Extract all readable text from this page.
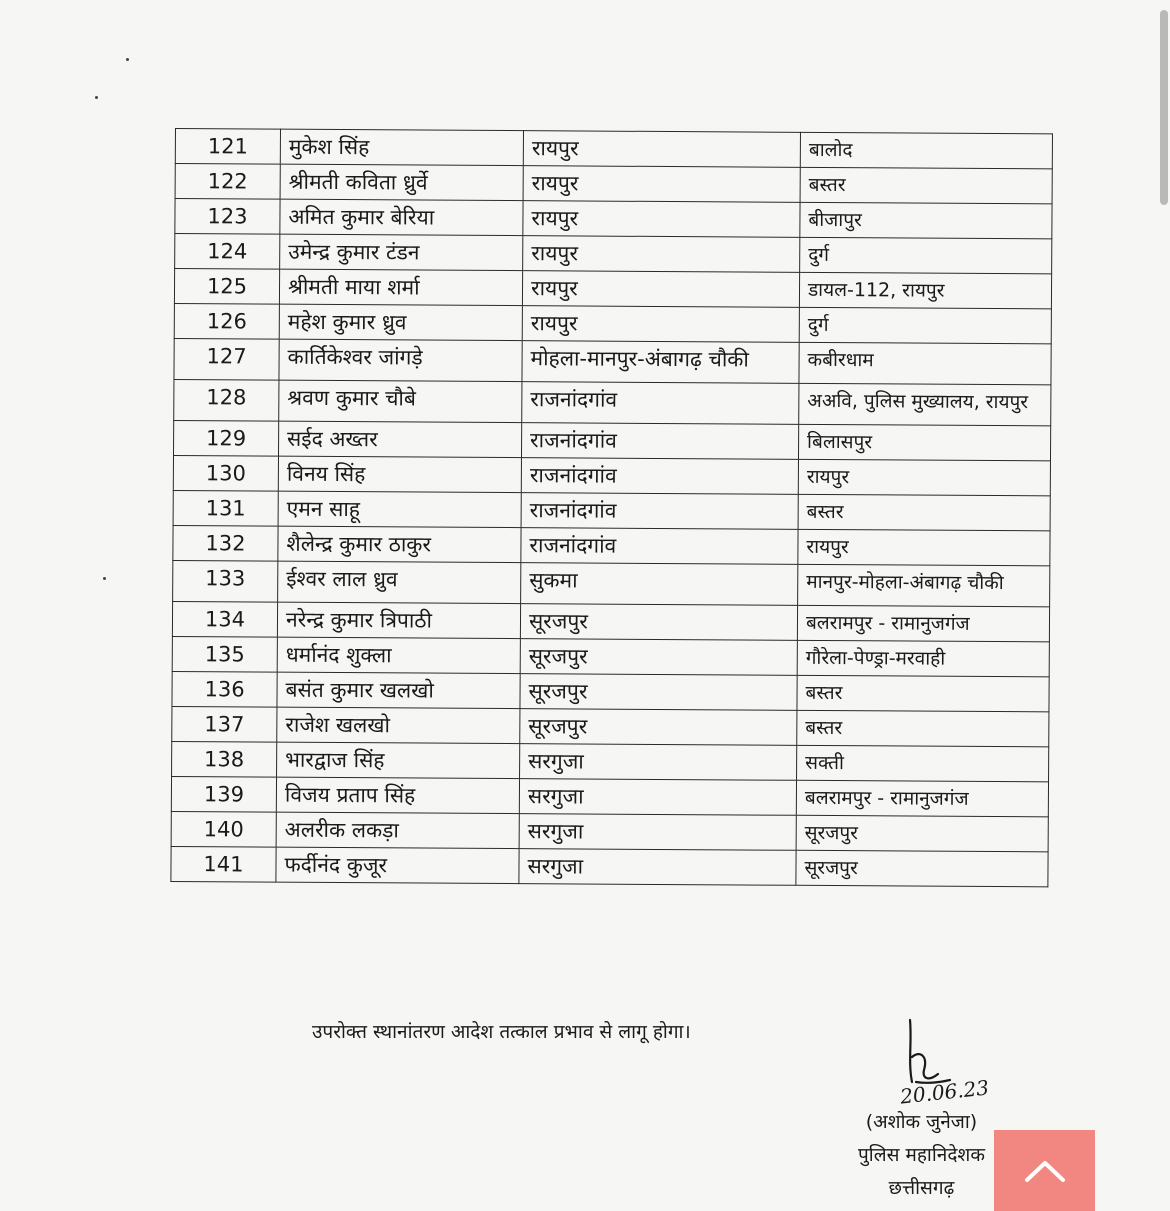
121	मुकेश सिंह	रायपुर	बालोद
122	श्रीमती कविता ध्रुर्वे	रायपुर	बस्तर
123	अमित कुमार बेरिया	रायपुर	बीजापुर
124	उमेन्द्र कुमार टंडन	रायपुर	दुर्ग
125	श्रीमती माया शर्मा	रायपुर	डायल-112, रायपुर
126	महेश कुमार ध्रुव	रायपुर	दुर्ग
127	कार्तिकेश्वर जांगड़े	मोहला-मानपुर-अंबागढ़ चौकी	कबीरधाम
128	श्रवण कुमार चौबे	राजनांदगांव	अअवि, पुलिस मुख्यालय, रायपुर
129	सईद अख्तर	राजनांदगांव	बिलासपुर
130	विनय सिंह	राजनांदगांव	रायपुर
131	एमन साहू	राजनांदगांव	बस्तर
132	शैलेन्द्र कुमार ठाकुर	राजनांदगांव	रायपुर
133	ईश्वर लाल ध्रुव	सुकमा	मानपुर-मोहला-अंबागढ़ चौकी
134	नरेन्द्र कुमार त्रिपाठी	सूरजपुर	बलरामपुर - रामानुजगंज
135	धर्मानंद शुक्ला	सूरजपुर	गौरेला-पेण्ड्रा-मरवाही
136	बसंत कुमार खलखो	सूरजपुर	बस्तर
137	राजेश खलखो	सूरजपुर	बस्तर
138	भारद्वाज सिंह	सरगुजा	सक्ती
139	विजय प्रताप सिंह	सरगुजा	बलरामपुर - रामानुजगंज
140	अलरीक लकड़ा	सरगुजा	सूरजपुर
141	फर्दीनंद कुजूर	सरगुजा	सूरजपुर
उपरोक्त स्थानांतरण आदेश तत्काल प्रभाव से लागू होगा।
20.06.23
(अशोक जुनेजा)
पुलिस महानिदेशक
छत्तीसगढ़
